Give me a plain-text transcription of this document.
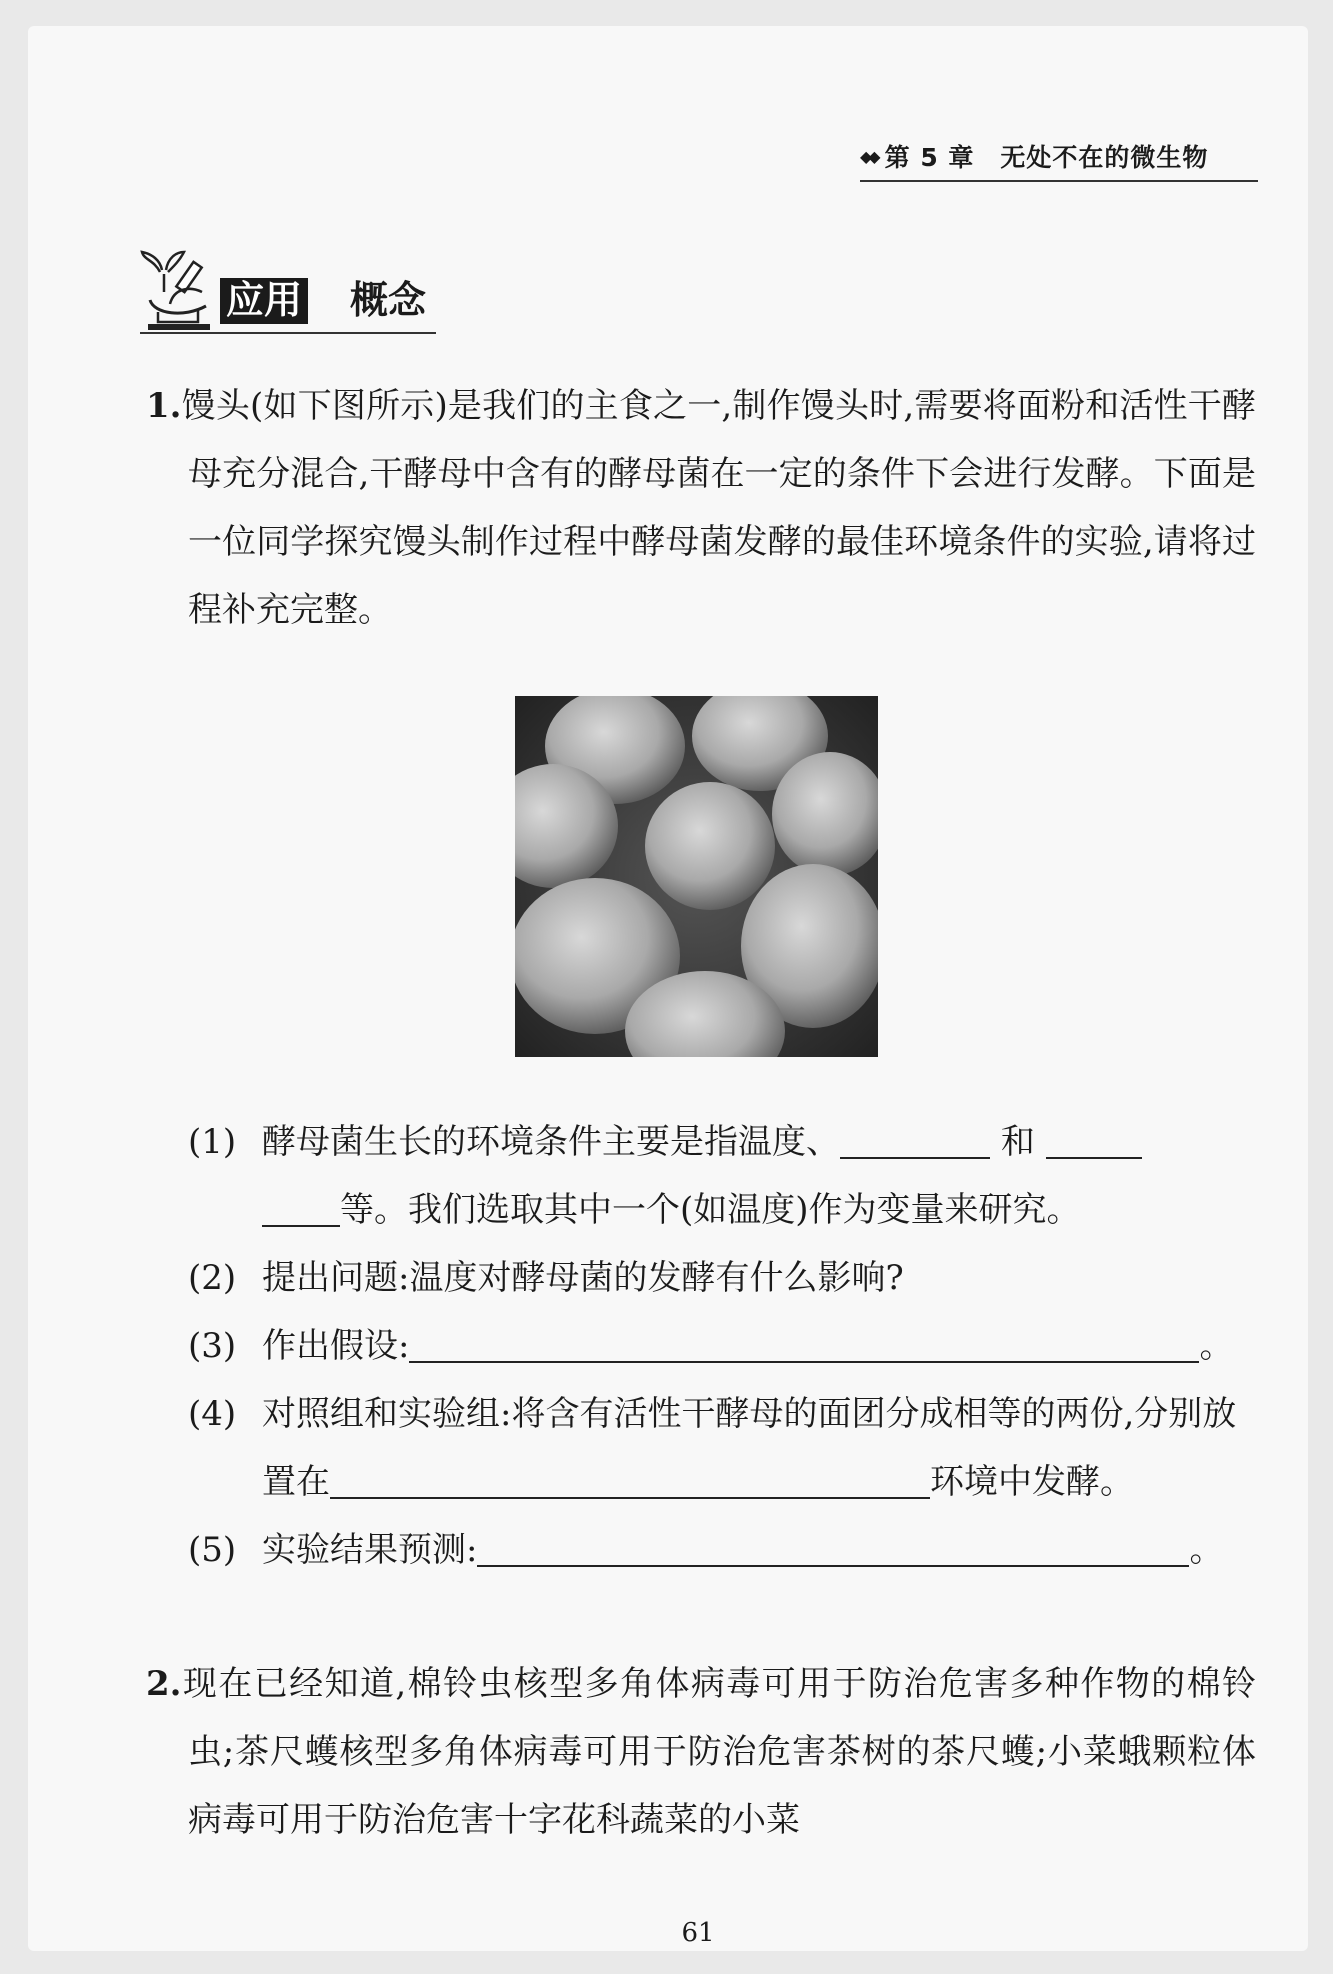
◆◆ 第 5 章 无处不在的微生物
应用 概念
1.馒头(如下图所示)是我们的主食之一,制作馒头时,需要将面粉和活性干酵母充分混合,干酵母中含有的酵母菌在一定的条件下会进行发酵。下面是一位同学探究馒头制作过程中酵母菌发酵的最佳环境条件的实验,请将过程补充完整。
(1) 酵母菌生长的环境条件主要是指温度、	和
等。我们选取其中一个(如温度)作为变量来研究。
(2) 提出问题:温度对酵母菌的发酵有什么影响?
(3) 作出假设:	。
(4) 对照组和实验组:将含有活性干酵母的面团分成相等的两份,分别放置在	环境中发酵。
(5) 实验结果预测:	。
2.现在已经知道,棉铃虫核型多角体病毒可用于防治危害多种作物的棉铃虫;茶尺蠖核型多角体病毒可用于防治危害茶树的茶尺蠖;小菜蛾颗粒体病毒可用于防治危害十字花科蔬菜的小菜
61
